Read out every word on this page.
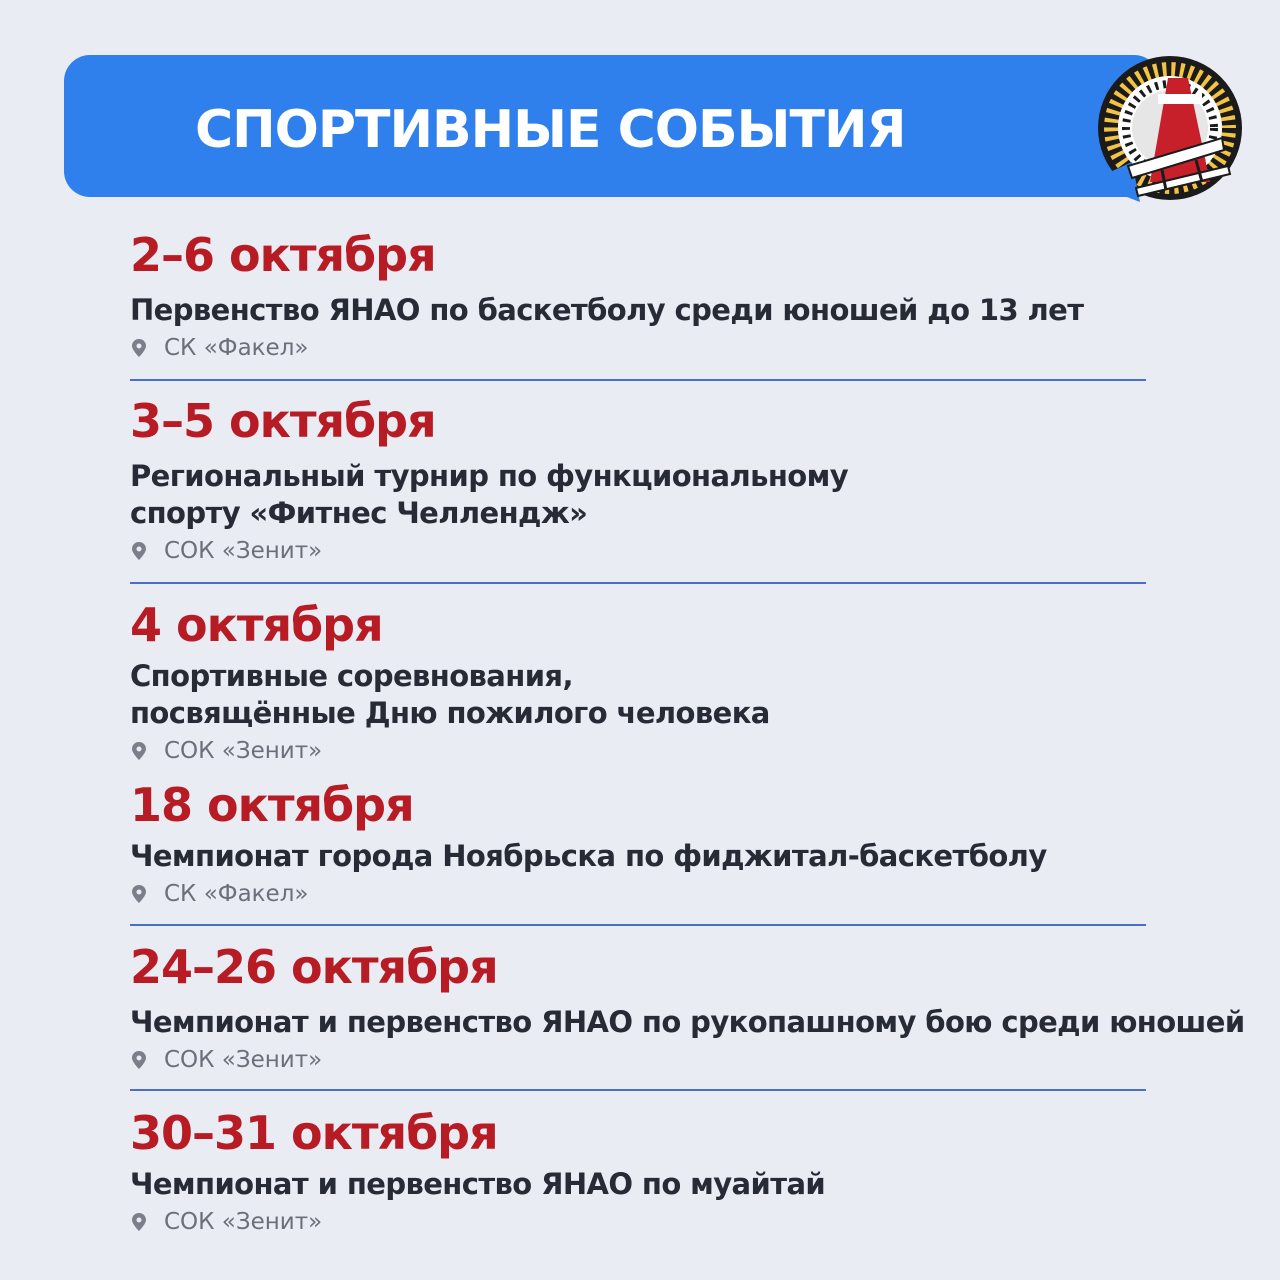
СПОРТИВНЫЕ СОБЫТИЯ
2–6 октября
Первенство ЯНАО по баскетболу среди юношей до 13 лет
СК «Факел»
3–5 октября
Региональный турнир по функциональному
спорту «Фитнес Челлендж»
СОК «Зенит»
4 октября
Спортивные соревнования,
посвящённые Дню пожилого человека
СОК «Зенит»
18 октября
Чемпионат города Ноябрьска по фиджитал-баскетболу
СК «Факел»
24–26 октября
Чемпионат и первенство ЯНАО по рукопашному бою среди юношей
СОК «Зенит»
30–31 октября
Чемпионат и первенство ЯНАО по муайтай
СОК «Зенит»
